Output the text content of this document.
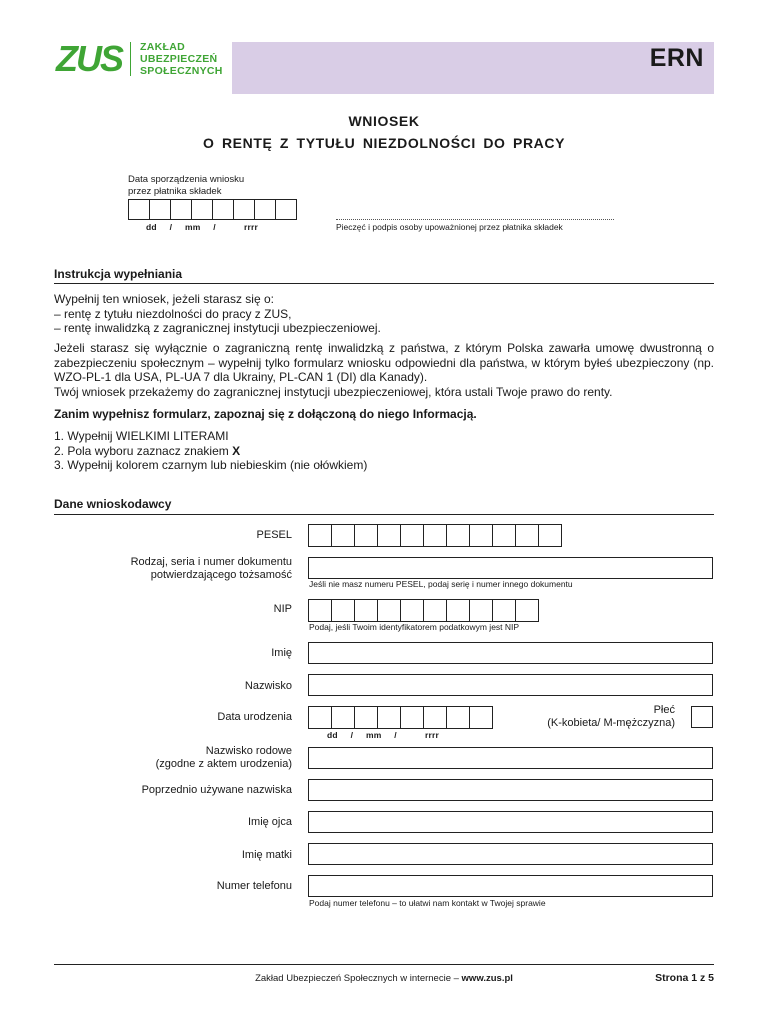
ERN
ZUS ZAKŁAD
UBEZPIECZEŃ
SPOŁECZNYCH
WNIOSEK
O RENTĘ Z TYTUŁU NIEZDOLNOŚCI DO PRACY
Data sporządzenia wniosku
przez płatnika składek
dd     /     mm     /           rrrr	Pieczęć i podpis osoby upoważnionej przez płatnika składek
Instrukcja wypełniania
Wypełnij ten wniosek, jeżeli starasz się o:
– rentę z tytułu niezdolności do pracy z ZUS,
– rentę inwalidzką z zagranicznej instytucji ubezpieczeniowej.
Jeżeli starasz się wyłącznie o zagraniczną rentę inwalidzką z państwa, z którym Polska zawarła umowę dwustronną o zabezpieczeniu społecznym – wypełnij tylko formularz wniosku odpowiedni dla państwa, w którym byłeś ubezpieczony (np. WZO-PL-1 dla USA, PL-UA 7 dla Ukrainy, PL-CAN 1 (DI) dla Kanady).
Twój wniosek przekażemy do zagranicznej instytucji ubezpieczeniowej, która ustali Twoje prawo do renty.
Zanim wypełnisz formularz, zapoznaj się z dołączoną do niego Informacją.
1. Wypełnij WIELKIMI LITERAMI
2. Pola wyboru zaznacz znakiem X
3. Wypełnij kolorem czarnym lub niebieskim (nie ołówkiem)
Dane wnioskodawcy
PESEL
Rodzaj, seria i numer dokumentu
potwierdzającego tożsamość
Jeśli nie masz numeru PESEL, podaj serię i numer innego dokumentu
NIP
Podaj, jeśli Twoim identyfikatorem podatkowym jest NIP
Imię
Nazwisko
Data urodzenia
dd     /     mm     /           rrrr
Płeć
(K-kobieta/ M-mężczyzna)
Nazwisko rodowe
(zgodne z aktem urodzenia)
Poprzednio używane nazwiska
Imię ojca
Imię matki
Numer telefonu
Podaj numer telefonu – to ułatwi nam kontakt w Twojej sprawie
Zakład Ubezpieczeń Społecznych w internecie – www.zus.pl	Strona 1 z 5
